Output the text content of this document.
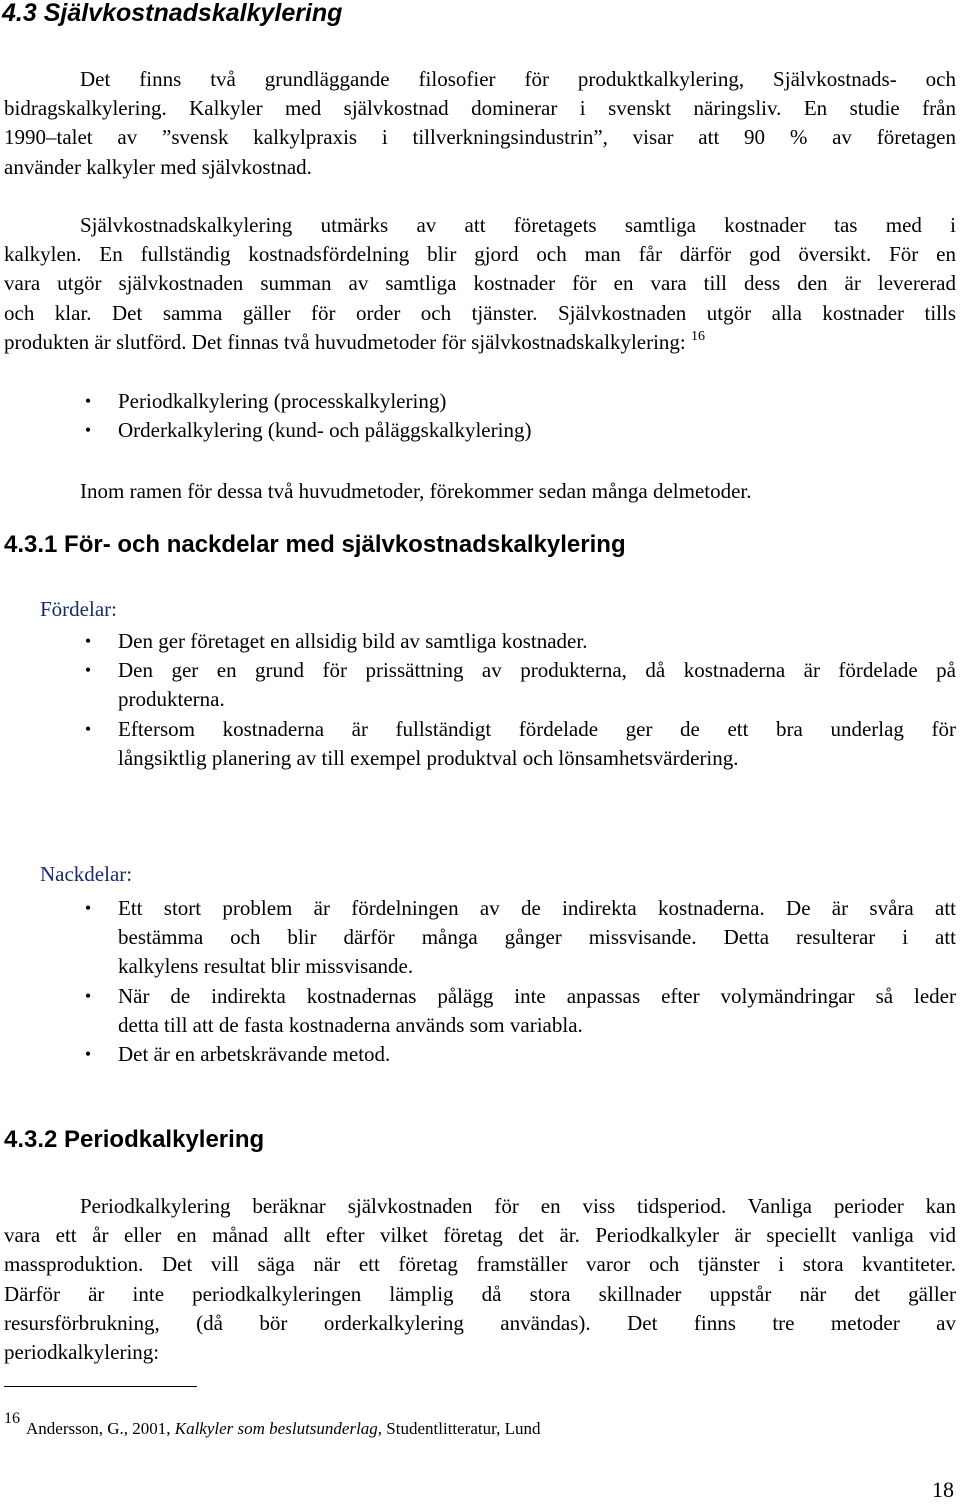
4.3 Självkostnadskalkylering
Det finns två grundläggande filosofier för produktkalkylering, Självkostnads- och
bidragskalkylering. Kalkyler med självkostnad dominerar i svenskt näringsliv. En studie från
1990–talet av ”svensk kalkylpraxis i tillverkningsindustrin”, visar att 90 % av företagen
använder kalkyler med självkostnad.
Självkostnadskalkylering utmärks av att företagets samtliga kostnader tas med i
kalkylen. En fullständig kostnadsfördelning blir gjord och man får därför god översikt. För en
vara utgör självkostnaden summan av samtliga kostnader för en vara till dess den är levererad
och klar. Det samma gäller för order och tjänster. Självkostnaden utgör alla kostnader tills
produkten är slutförd. Det finnas två huvudmetoder för självkostnadskalkylering: $^{16}$
• Periodkalkylering (processkalkylering)
• Orderkalkylering (kund- och påläggskalkylering)
Inom ramen för dessa två huvudmetoder, förekommer sedan många delmetoder.
4.3.1 För- och nackdelar med självkostnadskalkylering
Fördelar:
• Den ger företaget en allsidig bild av samtliga kostnader.
• Den ger en grund för prissättning av produkterna, då kostnaderna är fördelade på
produkterna.
• Eftersom kostnaderna är fullständigt fördelade ger de ett bra underlag för
långsiktlig planering av till exempel produktval och lönsamhetsvärdering.
Nackdelar:
• Ett stort problem är fördelningen av de indirekta kostnaderna. De är svåra att
bestämma och blir därför många gånger missvisande. Detta resulterar i att
kalkylens resultat blir missvisande.
• När de indirekta kostnadernas pålägg inte anpassas efter volymändringar så leder
detta till att de fasta kostnaderna används som variabla.
• Det är en arbetskrävande metod.
4.3.2 Periodkalkylering
Periodkalkylering beräknar självkostnaden för en viss tidsperiod. Vanliga perioder kan
vara ett år eller en månad allt efter vilket företag det är. Periodkalkyler är speciellt vanliga vid
massproduktion. Det vill säga när ett företag framställer varor och tjänster i stora kvantiteter.
Därför är inte periodkalkyleringen lämplig då stora skillnader uppstår när det gäller
resursförbrukning, (då bör orderkalkylering användas). Det finns tre metoder av
periodkalkylering:
16Andersson, G., 2001, Kalkyler som beslutsunderlag, Studentlitteratur, Lund
18
